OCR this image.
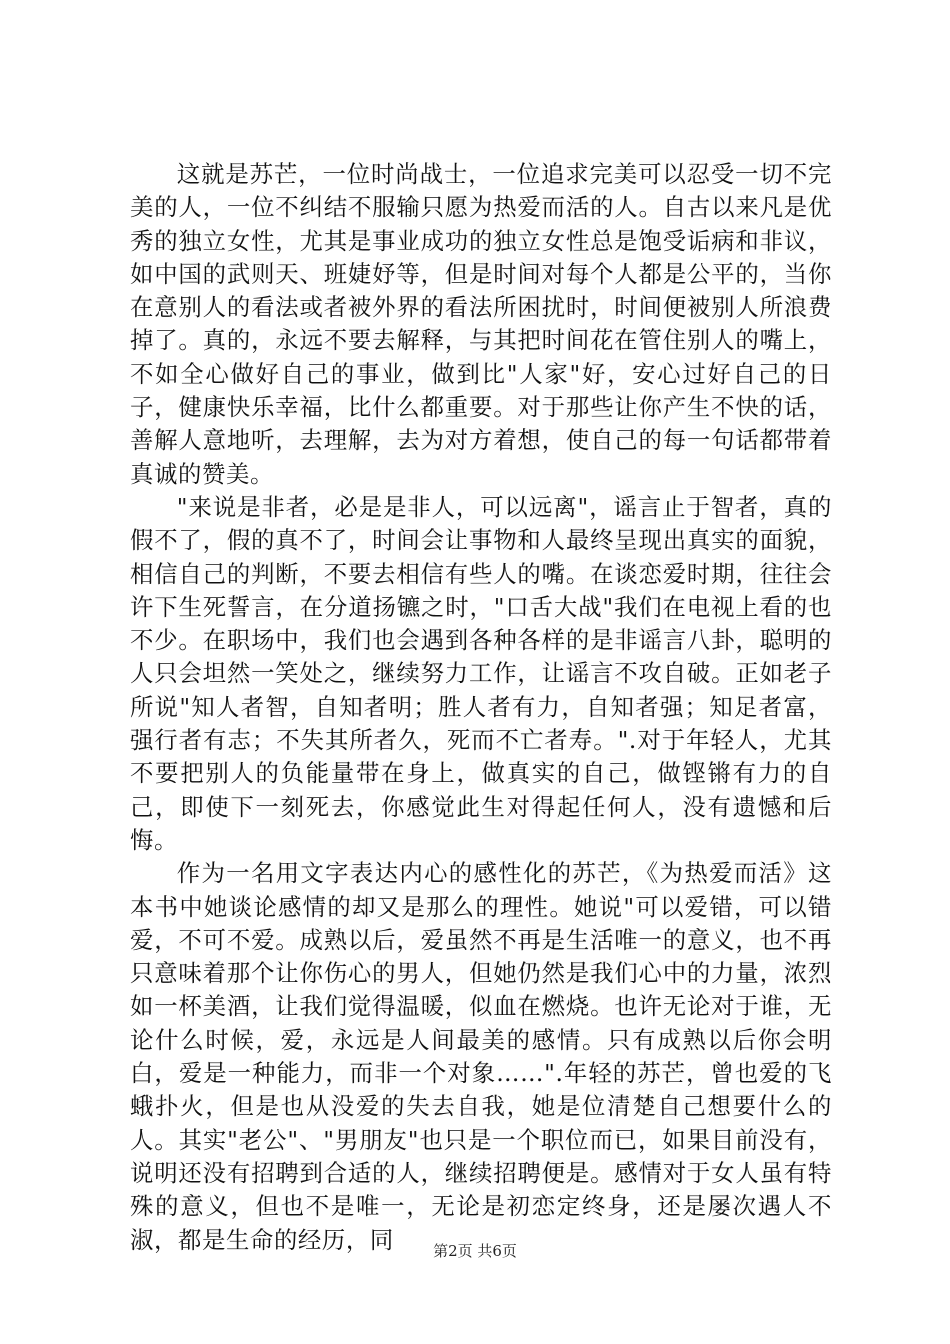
这就是苏芒，一位时尚战士，一位追求完美可以忍受一切不完美的人，一位不纠结不服输只愿为热爱而活的人。自古以来凡是优秀的独立女性，尤其是事业成功的独立女性总是饱受诟病和非议，如中国的武则天、班婕妤等，但是时间对每个人都是公平的，当你在意别人的看法或者被外界的看法所困扰时，时间便被别人所浪费掉了。真的，永远不要去解释，与其把时间花在管住别人的嘴上，不如全心做好自己的事业，做到比"人家"好，安心过好自己的日子，健康快乐幸福，比什么都重要。对于那些让你产生不快的话，善解人意地听，去理解，去为对方着想，使自己的每一句话都带着真诚的赞美。

"来说是非者，必是是非人，可以远离"，谣言止于智者，真的假不了，假的真不了，时间会让事物和人最终呈现出真实的面貌，相信自己的判断，不要去相信有些人的嘴。在谈恋爱时期，往往会许下生死誓言，在分道扬镳之时，"口舌大战"我们在电视上看的也不少。在职场中，我们也会遇到各种各样的是非谣言八卦，聪明的人只会坦然一笑处之，继续努力工作，让谣言不攻自破。正如老子所说"知人者智，自知者明；胜人者有力，自知者强；知足者富，强行者有志；不失其所者久，死而不亡者寿。".对于年轻人，尤其不要把别人的负能量带在身上，做真实的自己，做铿锵有力的自己，即使下一刻死去，你感觉此生对得起任何人，没有遗憾和后悔。

作为一名用文字表达内心的感性化的苏芒，《为热爱而活》这本书中她谈论感情的却又是那么的理性。她说"可以爱错，可以错爱，不可不爱。成熟以后，爱虽然不再是生活唯一的意义，也不再只意味着那个让你伤心的男人，但她仍然是我们心中的力量，浓烈如一杯美酒，让我们觉得温暖，似血在燃烧。也许无论对于谁，无论什么时候，爱，永远是人间最美的感情。只有成熟以后你会明白，爱是一种能力，而非一个对象……".年轻的苏芒，曾也爱的飞蛾扑火，但是也从没爱的失去自我，她是位清楚自己想要什么的人。其实"老公"、"男朋友"也只是一个职位而已，如果目前没有，说明还没有招聘到合适的人，继续招聘便是。感情对于女人虽有特殊的意义，但也不是唯一，无论是初恋定终身，还是屡次遇人不淑，都是生命的经历，同	第2页 共6页
